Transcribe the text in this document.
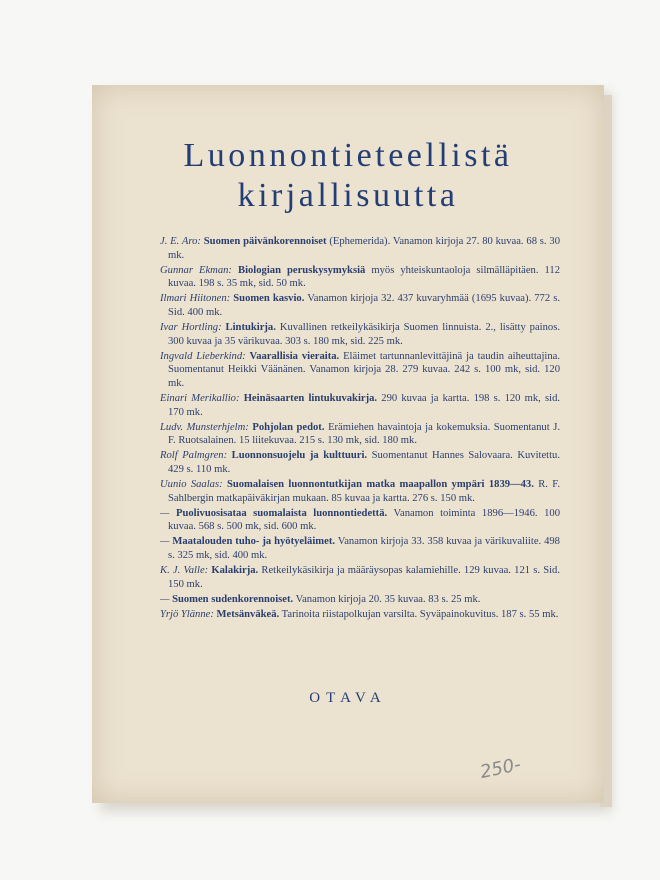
Luonnontieteellistä
kirjallisuutta
J. E. Aro: Suomen päivänkorennoiset (Ephemerida). Vanamon kirjoja 27. 80 kuvaa. 68 s. 30 mk.
Gunnar Ekman: Biologian peruskysymyksiä myös yhteiskuntaoloja silmälläpitäen. 112 kuvaa. 198 s. 35 mk, sid. 50 mk.
Ilmari Hiitonen: Suomen kasvio. Vanamon kirjoja 32. 437 kuvaryhmää (1695 kuvaa). 772 s. Sid. 400 mk.
Ivar Hortling: Lintukirja. Kuvallinen retkeilykäsikirja Suomen linnuista. 2., lisätty painos. 300 kuvaa ja 35 värikuvaa. 303 s. 180 mk, sid. 225 mk.
Ingvald Lieberkind: Vaarallisia vieraita. Eläimet tartunnanlevittäjinä ja taudin aiheuttajina. Suomentanut Heikki Väänänen. Vanamon kirjoja 28. 279 kuvaa. 242 s. 100 mk, sid. 120 mk.
Einari Merikallio: Heinäsaarten lintukuvakirja. 290 kuvaa ja kartta. 198 s. 120 mk, sid. 170 mk.
Ludv. Munsterhjelm: Pohjolan pedot. Erämiehen havaintoja ja kokemuksia. Suomentanut J. F. Ruotsalainen. 15 liitekuvaa. 215 s. 130 mk, sid. 180 mk.
Rolf Palmgren: Luonnonsuojelu ja kulttuuri. Suomentanut Hannes Salovaara. Kuvitettu. 429 s. 110 mk.
Uunio Saalas: Suomalaisen luonnontutkijan matka maapallon ympäri 1839—43. R. F. Sahlbergin matkapäiväkirjan mukaan. 85 kuvaa ja kartta. 276 s. 150 mk.
— Puolivuosisataa suomalaista luonnontiedettä. Vanamon toiminta 1896—1946. 100 kuvaa. 568 s. 500 mk, sid. 600 mk.
— Maatalouden tuho- ja hyötyeläimet. Vanamon kirjoja 33. 358 kuvaa ja värikuvaliite. 498 s. 325 mk, sid. 400 mk.
K. J. Valle: Kalakirja. Retkeilykäsikirja ja määräysopas kalamiehille. 129 kuvaa. 121 s. Sid. 150 mk.
— Suomen sudenkorennoiset. Vanamon kirjoja 20. 35 kuvaa. 83 s. 25 mk.
Yrjö Ylänne: Metsänväkeä. Tarinoita riistapolkujan varsilta. Syväpainokuvitus. 187 s. 55 mk.
OTAVA
250-
